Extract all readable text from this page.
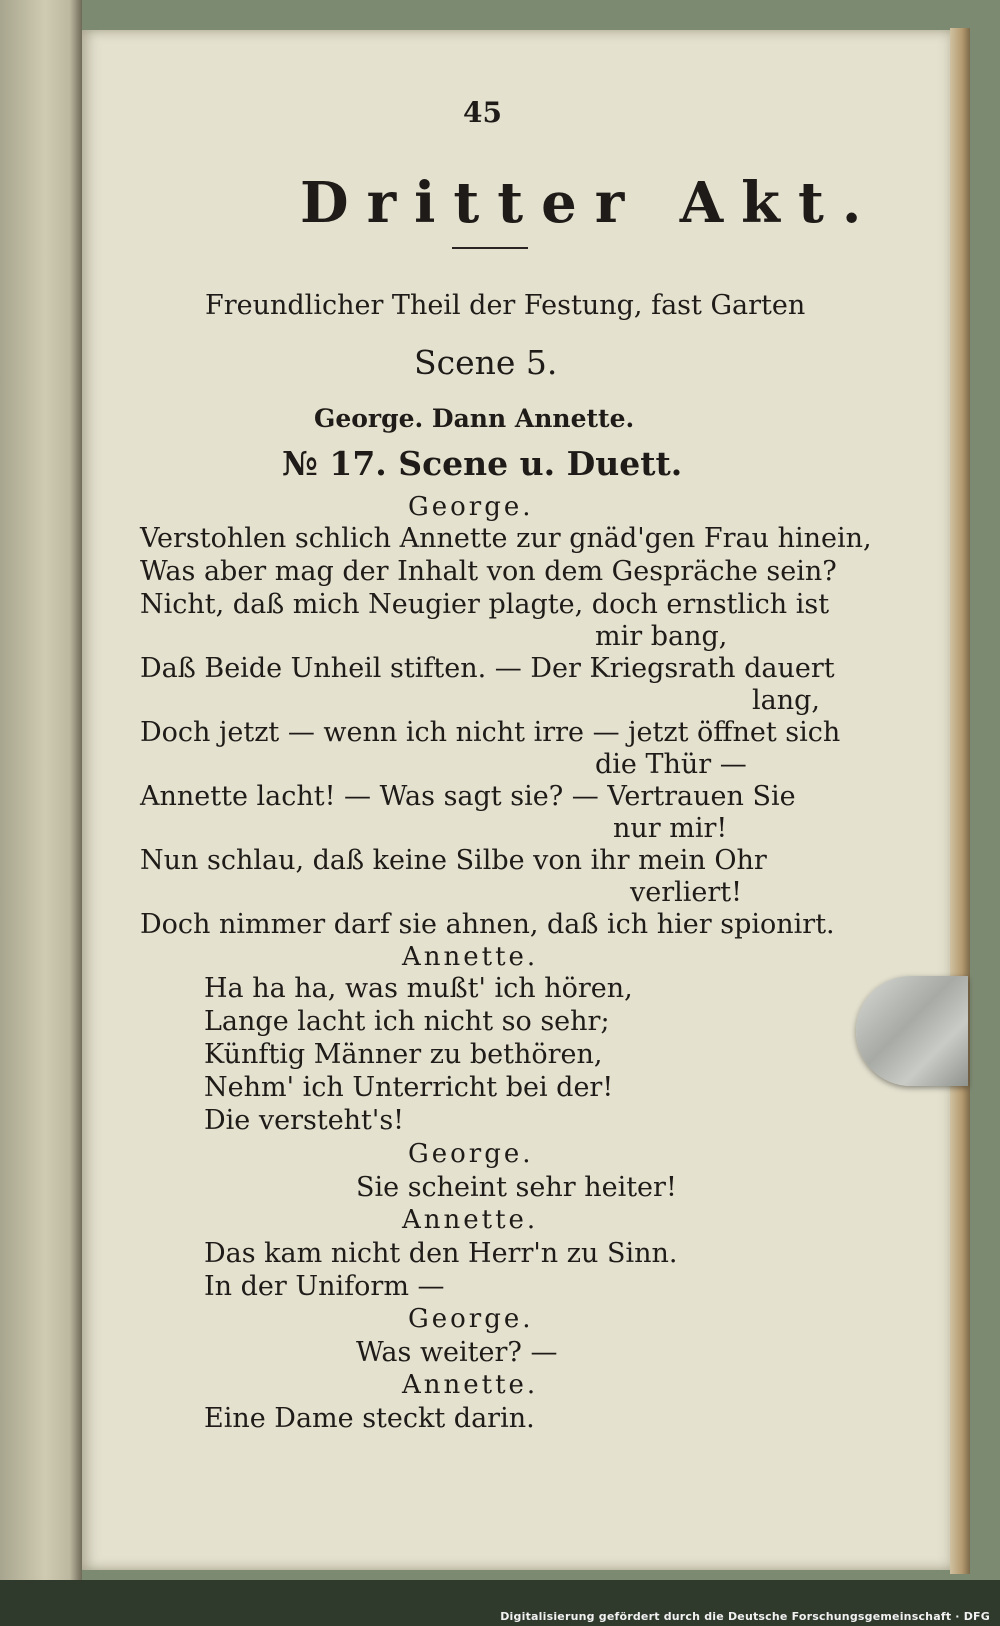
45
Dritter Akt.
Freundlicher Theil der Festung, fast Garten
Scene 5.
George. Dann Annette.
№ 17. Scene u. Duett.
George.
Verstohlen schlich Annette zur gnäd'gen Frau hinein,
Was aber mag der Inhalt von dem Gespräche sein?
Nicht, daß mich Neugier plagte, doch ernstlich ist
mir bang,
Daß Beide Unheil stiften. — Der Kriegsrath dauert
lang,
Doch jetzt — wenn ich nicht irre — jetzt öffnet sich
die Thür —
Annette lacht! — Was sagt sie? — Vertrauen Sie
nur mir!
Nun schlau, daß keine Silbe von ihr mein Ohr
verliert!
Doch nimmer darf sie ahnen, daß ich hier spionirt.
Annette.
Ha ha ha, was mußt' ich hören,
Lange lacht ich nicht so sehr;
Künftig Männer zu bethören,
Nehm' ich Unterricht bei der!
Die versteht's!
George.
Sie scheint sehr heiter!
Annette.
Das kam nicht den Herr'n zu Sinn.
In der Uniform —
George.
Was weiter? —
Annette.
Eine Dame steckt darin.
Digitalisierung gefördert durch die Deutsche Forschungsgemeinschaft · DFG
